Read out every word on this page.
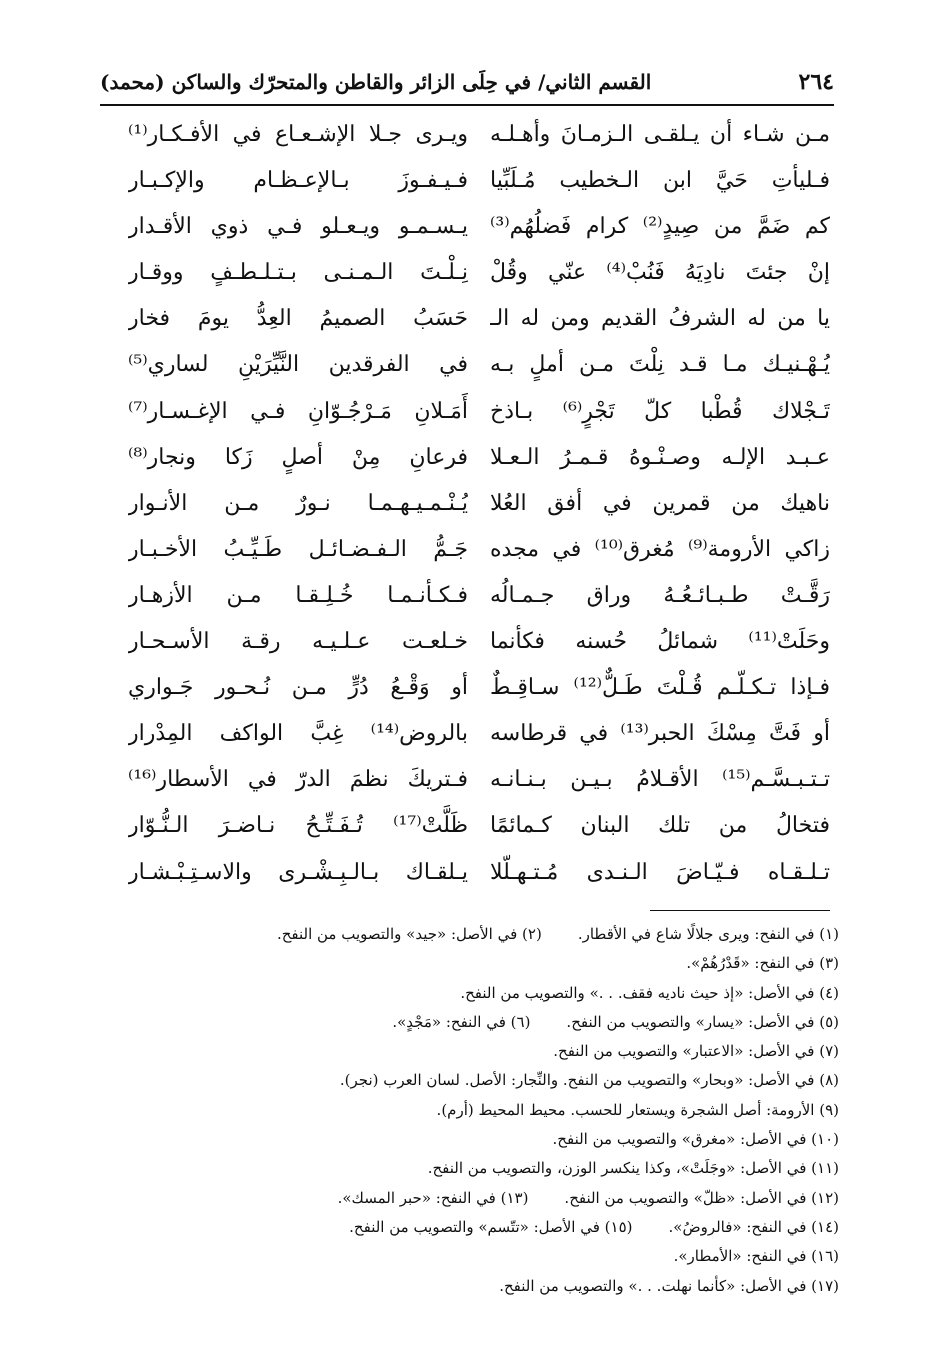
٢٦٤
القسم الثاني/ في حِلَى الزائر والقاطن والمتحرّك والساكن (محمد)
مـن شـاء أن يـلقـى الـزمـانَ وأهـلـه
فـليأتِ حَيَّ ابن الـخطيب مُـلَبِّيا
كم ضَمَّ من صِيدٍ⁽²⁾ كرام فَضلُهُم⁽³⁾
إنْ جئتَ نادِيَهُ فَنُبْ⁽⁴⁾ عنّي وقُلْ
يا من له الشرفُ القديم ومن له الـ
يُـهْـنيـك مـا قـد نِلْتَ مـن أملٍ بـه
تَـجْلاك قُطْبا كلّ تَجْرٍ⁽⁶⁾ بـاذخ
عـبـد الإلـه وصـنْـوهُ قـمـرُ الـعـلا
ناهيك من قمرين في أفق العُلا
زاكي الأرومة⁽⁹⁾ مُغرق⁽¹⁰⁾ في مجده
رَقَّـتْ طـبـائـعُـهُ وراق جـمـالُه
وحَلَتْ⁽¹¹⁾ شمائلُ حُسنه فكأنما
فـإذا تـكـلّـم قُـلْتَ طَـلٌّ⁽¹²⁾ سـاقِـطٌ
أو فَتَّ مِسْكَ الحبر⁽¹³⁾ في قرطاسه
تـتـبـسَّـم⁽¹⁵⁾ الأقـلامُ بـيـن بـنـانـه
فتخالُ من تلك البنان كـمائمًا
تـلـقـاه فـيّـاضَ الـنـدى مُـتـهـلّلا
ويـرى جـلا الإشـعـاع في الأفـكـار⁽¹⁾
فـيـفـوزَ بـالإعـظـام والإكـبـار
يـسـمـو ويـعـلو فـي ذوي الأقـدار
نِـلْـتَ الـمـنـى بـتـلـطـفٍ ووقـار
حَسَبُ الصميمُ العِدُّ يومَ فخار
في الفرقدين النَّيِّرَيْنِ لساري⁽⁵⁾
أَمَـلانِ مَـرْجُـوّانِ فـي الإغـسـار⁽⁷⁾
فرعانِ مِنْ أصلٍ زَكا ونجار⁽⁸⁾
يُـنْـمـيـهـمـا نـورٌ مـن الأنـوار
جَـمُّ الـفـضـائـل طَـيِّـبُ الأخـبـار
فـكـأنـمـا خُـلِـقـا مـن الأزهـار
خـلعـت عـلـيـه رقـة الأسـحـار
أو وَقْـعُ دُرٍّ مـن نُـحـور جَـواري
بالروض⁽¹⁴⁾ غِبَّ الواكف المِدْرار
فـتريكَ نظمَ الدرّ في الأسطار⁽¹⁶⁾
ظَلَّتْ⁽¹⁷⁾ تُـفَـتِّـحُ نـاضـرَ الـنُّـوّار
يـلقـاك بـالـبِـشْـرى والاسـتِـبْـشـار
(١) في النفح: ويرى جلالًا شاع في الأقطار.
(٢) في الأصل: «جيد» والتصويب من النفح.
(٣) في النفح: «قَدْرُهُمْ».
(٤) في الأصل: «إذ حيث ناديه فقف. . .» والتصويب من النفح.
(٥) في الأصل: «يسار» والتصويب من النفح.
(٦) في النفح: «مَجْدٍ».
(٧) في الأصل: «الاعتبار» والتصويب من النفح.
(٨) في الأصل: «وبحار» والتصويب من النفح. والنِّجار: الأصل. لسان العرب (نجر).
(٩) الأرومة: أصل الشجرة ويستعار للحسب. محيط المحيط (أرم).
(١٠) في الأصل: «مغرق» والتصويب من النفح.
(١١) في الأصل: «وجَلَتْ»، وكذا ينكسر الوزن، والتصويب من النفح.
(١٢) في الأصل: «ظلّ» والتصويب من النفح.
(١٣) في النفح: «حبر المسك».
(١٤) في النفح: «فالروضُ».
(١٥) في الأصل: «تتّسم» والتصويب من النفح.
(١٦) في النفح: «الأمطار».
(١٧) في الأصل: «كأنما نهلت. . .» والتصويب من النفح.
